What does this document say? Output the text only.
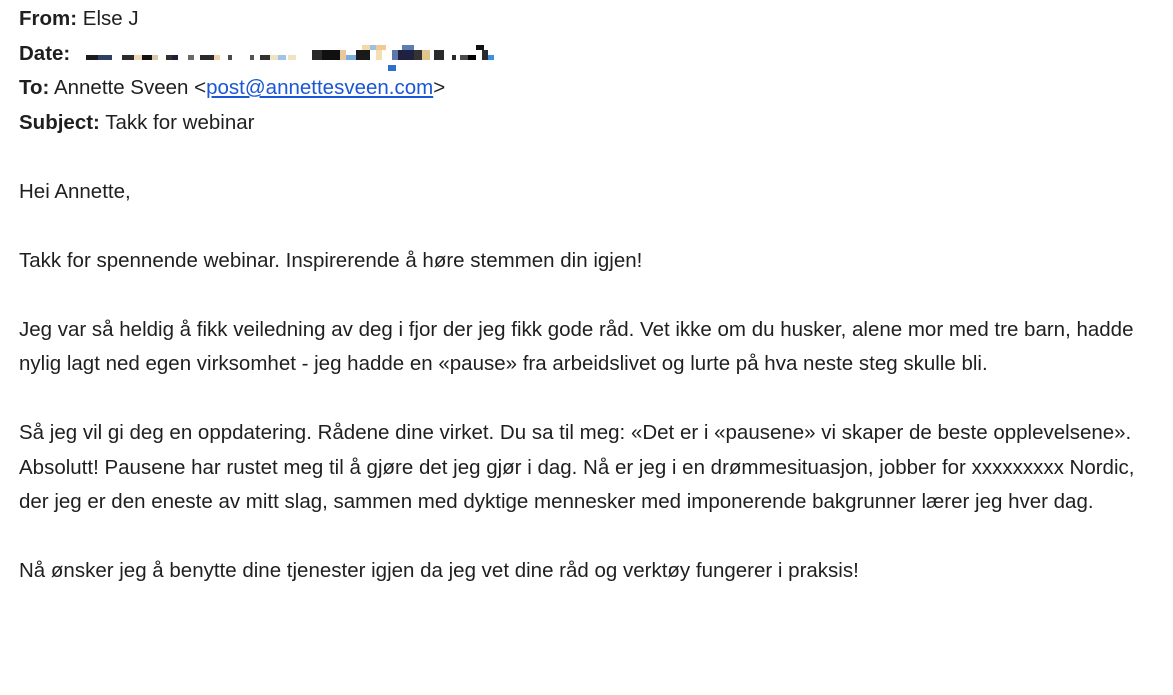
From: Else J
Date:
To: Annette Sveen <post@annettesveen.com>
Subject: Takk for webinar

Hei Annette,

Takk for spennende webinar. Inspirerende å høre stemmen din igjen!

Jeg var så heldig å fikk veiledning av deg i fjor der jeg fikk gode råd. Vet ikke om du husker, alene mor med tre barn, hadde nylig lagt ned egen virksomhet - jeg hadde en «pause» fra arbeidslivet og lurte på hva neste steg skulle bli.

Så jeg vil gi deg en oppdatering. Rådene dine virket. Du sa til meg: «Det er i «pausene» vi skaper de beste opplevelsene». Absolutt! Pausene har rustet meg til å gjøre det jeg gjør i dag. Nå er jeg i en drømmesituasjon, jobber for xxxxxxxxx Nordic, der jeg er den eneste av mitt slag, sammen med dyktige mennesker med imponerende bakgrunner lærer jeg hver dag.

Nå ønsker jeg å benytte dine tjenester igjen da jeg vet dine råd og verktøy fungerer i praksis!
